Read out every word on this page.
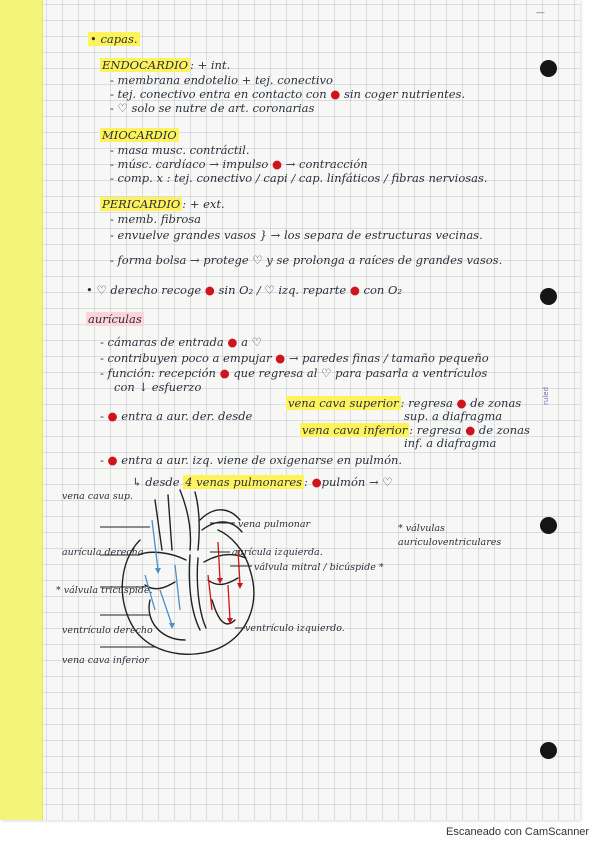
—
ruled
• capas.
ENDOCARDIO : + int.
- membrana endotelio + tej. conectivo
- tej. conectivo entra en contacto con ● sin coger nutrientes.
- ♡ solo se nutre de art. coronarias
MIOCARDIO
- masa musc. contráctil.
- músc. cardíaco → impulso ● → contracción
- comp. x : tej. conectivo / capi / cap. linfáticos / fibras nerviosas.
PERICARDIO : + ext.
- memb. fibrosa
- envuelve grandes vasos } → los separa de estructuras vecinas.
- forma bolsa → protege ♡ y se prolonga a raíces de grandes vasos.
• ♡ derecho recoge ● sin O₂ / ♡ izq. reparte ● con O₂
aurículas
- cámaras de entrada ● a ♡
- contribuyen poco a empujar ● → paredes finas / tamaño pequeño
- función: recepción ● que regresa al ♡ para pasarla a ventrículos
con ↓ esfuerzo
- ● entra a aur. der. desde
vena cava superior : regresa ● de zonas
sup. a diafragma
vena cava inferior : regresa ● de zonas
inf. a diafragma
- ● entra a aur. izq. viene de oxigenarse en pulmón.
↳ desde 4 venas pulmonares : ●pulmón → ♡
vena cava sup.
aurícula derecha
* válvula tricúspide.
ventrículo derecho
vena cava inferior
vena pulmonar
aurícula izquierda.
válvula mitral / bicúspide *
ventrículo izquierdo.
* válvulas auriculoventriculares
Escaneado con CamScanner
